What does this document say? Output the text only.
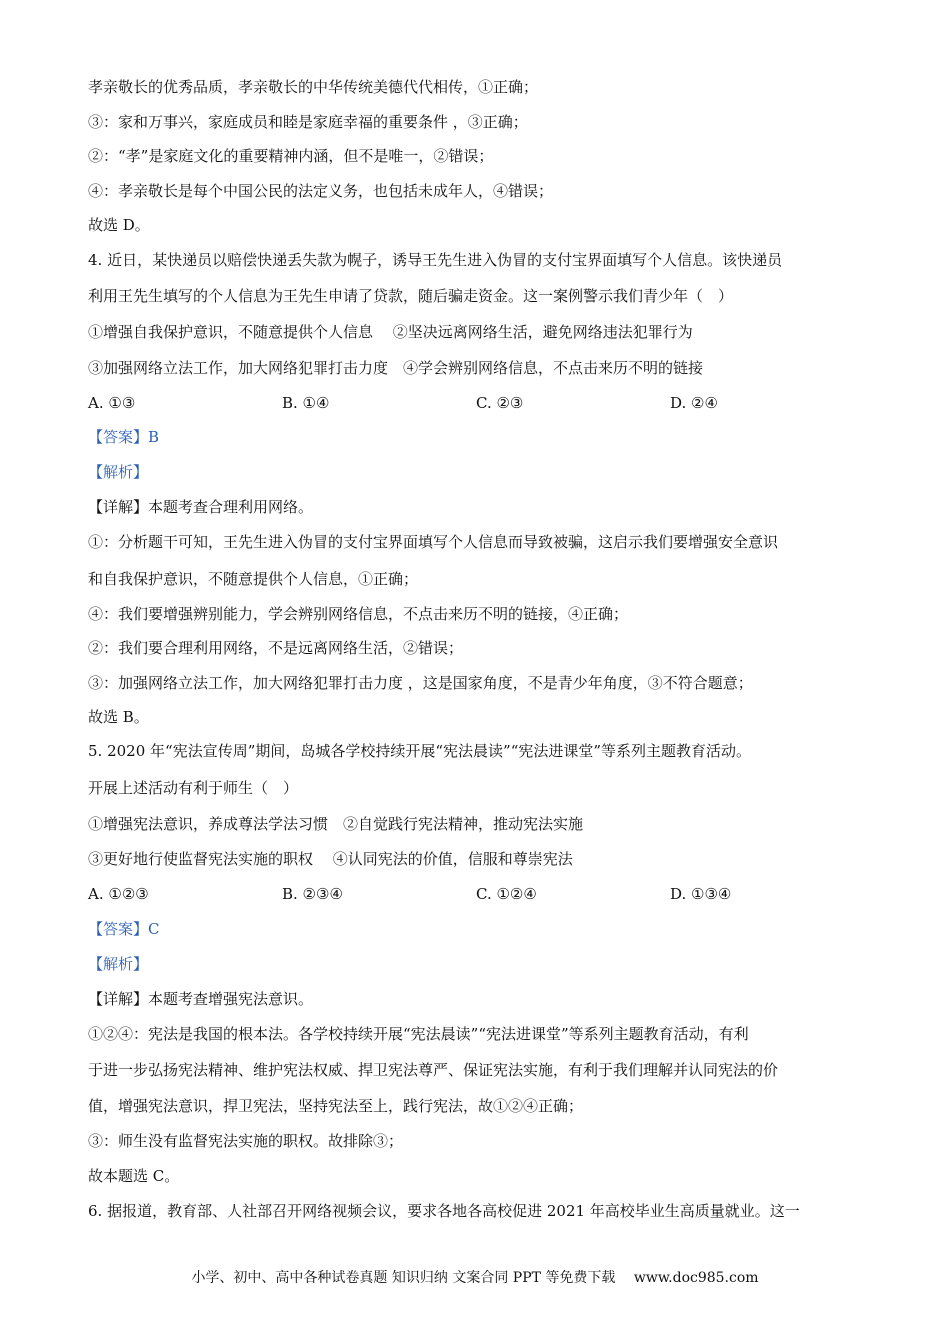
孝亲敬长的优秀品质，孝亲敬长的中华传统美德代代相传，①正确；
③：家和万事兴，家庭成员和睦是家庭幸福的重要条件 ，③正确；
②：“孝”是家庭文化的重要精神内涵，但不是唯一，②错误；
④：孝亲敬长是每个中国公民的法定义务，也包括未成年人，④错误；
故选 D。
4. 近日，某快递员以赔偿快递丢失款为幌子，诱导王先生进入伪冒的支付宝界面填写个人信息。该快递员
利用王先生填写的个人信息为王先生申请了贷款，随后骗走资金。这一案例警示我们青少年（　）
①增强自我保护意识，不随意提供个人信息　 ②坚决远离网络生活，避免网络违法犯罪行为
③加强网络立法工作，加大网络犯罪打击力度　④学会辨别网络信息，不点击来历不明的链接
A. ①③	B. ①④	C. ②③	D. ②④
【答案】B
【解析】
【详解】本题考查合理利用网络。
①：分析题干可知，王先生进入伪冒的支付宝界面填写个人信息而导致被骗，这启示我们要增强安全意识
和自我保护意识，不随意提供个人信息，①正确；
④：我们要增强辨别能力，学会辨别网络信息，不点击来历不明的链接，④正确；
②：我们要合理利用网络，不是远离网络生活，②错误；
③：加强网络立法工作，加大网络犯罪打击力度 ，这是国家角度，不是青少年角度，③不符合题意；
故选 B。
5. 2020 年“宪法宣传周”期间，岛城各学校持续开展“宪法晨读”“宪法进课堂”等系列主题教育活动。
开展上述活动有利于师生（　）
①增强宪法意识，养成尊法学法习惯　②自觉践行宪法精神，推动宪法实施
③更好地行使监督宪法实施的职权　 ④认同宪法的价值，信服和尊崇宪法
A. ①②③	B. ②③④	C. ①②④	D. ①③④
【答案】C
【解析】
【详解】本题考查增强宪法意识。
①②④：宪法是我国的根本法。各学校持续开展“宪法晨读”“宪法进课堂”等系列主题教育活动，有利
于进一步弘扬宪法精神、维护宪法权威、捍卫宪法尊严、保证宪法实施，有利于我们理解并认同宪法的价
值，增强宪法意识，捍卫宪法，坚持宪法至上，践行宪法，故①②④正确；
③：师生没有监督宪法实施的职权。故排除③；
故本题选 C。
6. 据报道，教育部、人社部召开网络视频会议，要求各地各高校促进 2021 年高校毕业生高质量就业。这一
小学、初中、高中各种试卷真题 知识归纳 文案合同 PPT 等免费下载　 www.doc985.com
